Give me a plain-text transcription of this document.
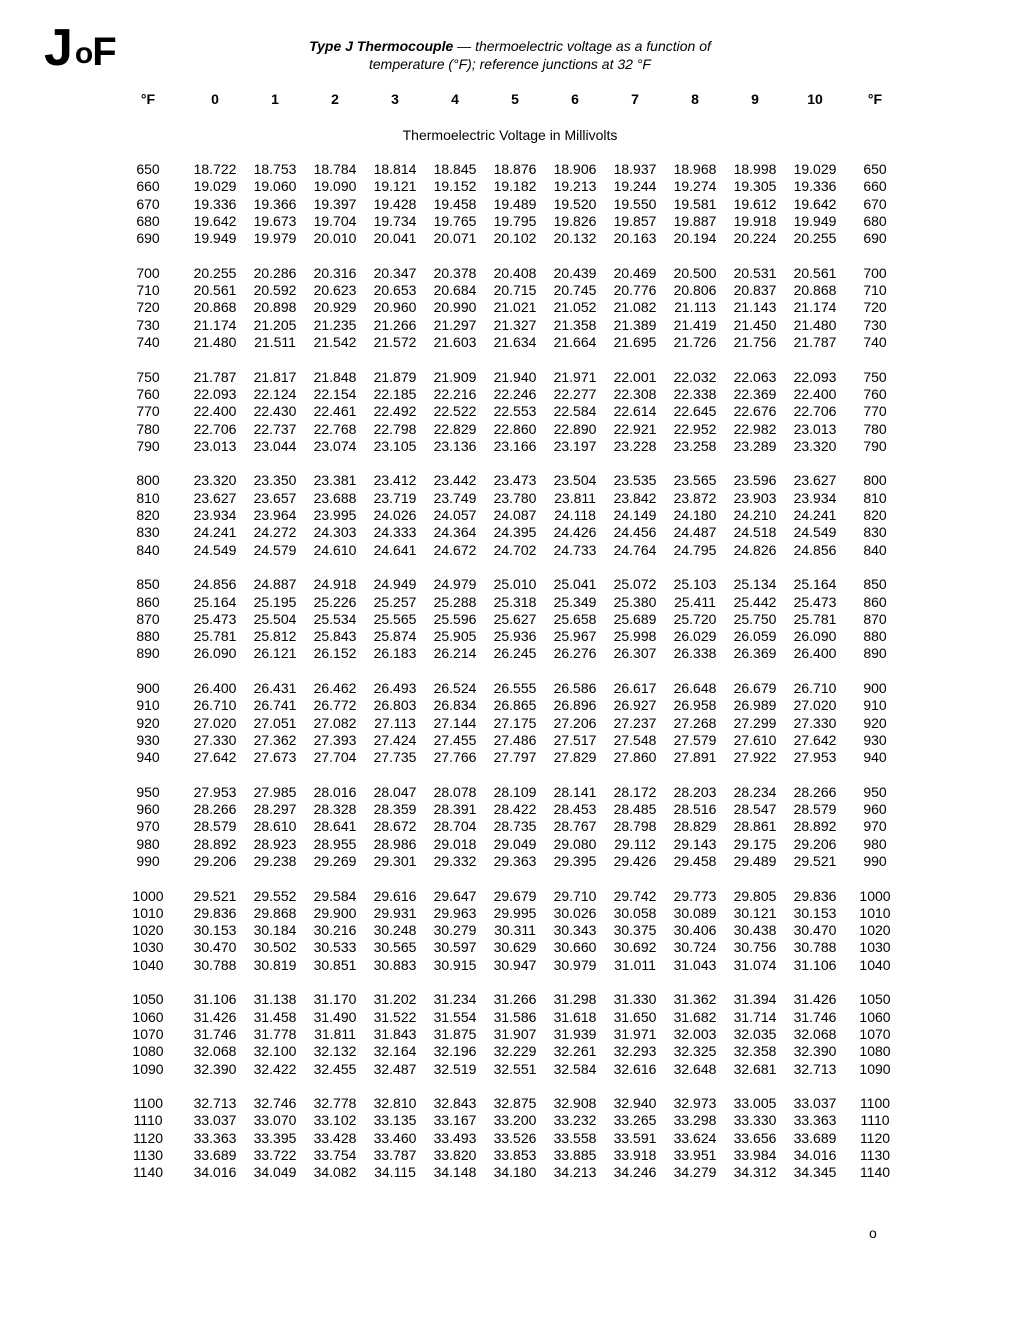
J $^o$F	Type J Thermocouple — thermoelectric voltage as a function of
temperature (°F); reference junctions at 32 °F
°F	0	1	2	3	4	5	6	7	8	9	10	°F
Thermoelectric Voltage in Millivolts
650	18.722	18.753	18.784	18.814	18.845	18.876	18.906	18.937	18.968	18.998	19.029	650
660	19.029	19.060	19.090	19.121	19.152	19.182	19.213	19.244	19.274	19.305	19.336	660
670	19.336	19.366	19.397	19.428	19.458	19.489	19.520	19.550	19.581	19.612	19.642	670
680	19.642	19.673	19.704	19.734	19.765	19.795	19.826	19.857	19.887	19.918	19.949	680
690	19.949	19.979	20.010	20.041	20.071	20.102	20.132	20.163	20.194	20.224	20.255	690
700	20.255	20.286	20.316	20.347	20.378	20.408	20.439	20.469	20.500	20.531	20.561	700
710	20.561	20.592	20.623	20.653	20.684	20.715	20.745	20.776	20.806	20.837	20.868	710
720	20.868	20.898	20.929	20.960	20.990	21.021	21.052	21.082	21.113	21.143	21.174	720
730	21.174	21.205	21.235	21.266	21.297	21.327	21.358	21.389	21.419	21.450	21.480	730
740	21.480	21.511	21.542	21.572	21.603	21.634	21.664	21.695	21.726	21.756	21.787	740
750	21.787	21.817	21.848	21.879	21.909	21.940	21.971	22.001	22.032	22.063	22.093	750
760	22.093	22.124	22.154	22.185	22.216	22.246	22.277	22.308	22.338	22.369	22.400	760
770	22.400	22.430	22.461	22.492	22.522	22.553	22.584	22.614	22.645	22.676	22.706	770
780	22.706	22.737	22.768	22.798	22.829	22.860	22.890	22.921	22.952	22.982	23.013	780
790	23.013	23.044	23.074	23.105	23.136	23.166	23.197	23.228	23.258	23.289	23.320	790
800	23.320	23.350	23.381	23.412	23.442	23.473	23.504	23.535	23.565	23.596	23.627	800
810	23.627	23.657	23.688	23.719	23.749	23.780	23.811	23.842	23.872	23.903	23.934	810
820	23.934	23.964	23.995	24.026	24.057	24.087	24.118	24.149	24.180	24.210	24.241	820
830	24.241	24.272	24.303	24.333	24.364	24.395	24.426	24.456	24.487	24.518	24.549	830
840	24.549	24.579	24.610	24.641	24.672	24.702	24.733	24.764	24.795	24.826	24.856	840
850	24.856	24.887	24.918	24.949	24.979	25.010	25.041	25.072	25.103	25.134	25.164	850
860	25.164	25.195	25.226	25.257	25.288	25.318	25.349	25.380	25.411	25.442	25.473	860
870	25.473	25.504	25.534	25.565	25.596	25.627	25.658	25.689	25.720	25.750	25.781	870
880	25.781	25.812	25.843	25.874	25.905	25.936	25.967	25.998	26.029	26.059	26.090	880
890	26.090	26.121	26.152	26.183	26.214	26.245	26.276	26.307	26.338	26.369	26.400	890
900	26.400	26.431	26.462	26.493	26.524	26.555	26.586	26.617	26.648	26.679	26.710	900
910	26.710	26.741	26.772	26.803	26.834	26.865	26.896	26.927	26.958	26.989	27.020	910
920	27.020	27.051	27.082	27.113	27.144	27.175	27.206	27.237	27.268	27.299	27.330	920
930	27.330	27.362	27.393	27.424	27.455	27.486	27.517	27.548	27.579	27.610	27.642	930
940	27.642	27.673	27.704	27.735	27.766	27.797	27.829	27.860	27.891	27.922	27.953	940
950	27.953	27.985	28.016	28.047	28.078	28.109	28.141	28.172	28.203	28.234	28.266	950
960	28.266	28.297	28.328	28.359	28.391	28.422	28.453	28.485	28.516	28.547	28.579	960
970	28.579	28.610	28.641	28.672	28.704	28.735	28.767	28.798	28.829	28.861	28.892	970
980	28.892	28.923	28.955	28.986	29.018	29.049	29.080	29.112	29.143	29.175	29.206	980
990	29.206	29.238	29.269	29.301	29.332	29.363	29.395	29.426	29.458	29.489	29.521	990
1000	29.521	29.552	29.584	29.616	29.647	29.679	29.710	29.742	29.773	29.805	29.836	1000
1010	29.836	29.868	29.900	29.931	29.963	29.995	30.026	30.058	30.089	30.121	30.153	1010
1020	30.153	30.184	30.216	30.248	30.279	30.311	30.343	30.375	30.406	30.438	30.470	1020
1030	30.470	30.502	30.533	30.565	30.597	30.629	30.660	30.692	30.724	30.756	30.788	1030
1040	30.788	30.819	30.851	30.883	30.915	30.947	30.979	31.011	31.043	31.074	31.106	1040
1050	31.106	31.138	31.170	31.202	31.234	31.266	31.298	31.330	31.362	31.394	31.426	1050
1060	31.426	31.458	31.490	31.522	31.554	31.586	31.618	31.650	31.682	31.714	31.746	1060
1070	31.746	31.778	31.811	31.843	31.875	31.907	31.939	31.971	32.003	32.035	32.068	1070
1080	32.068	32.100	32.132	32.164	32.196	32.229	32.261	32.293	32.325	32.358	32.390	1080
1090	32.390	32.422	32.455	32.487	32.519	32.551	32.584	32.616	32.648	32.681	32.713	1090
1100	32.713	32.746	32.778	32.810	32.843	32.875	32.908	32.940	32.973	33.005	33.037	1100
1110	33.037	33.070	33.102	33.135	33.167	33.200	33.232	33.265	33.298	33.330	33.363	1110
1120	33.363	33.395	33.428	33.460	33.493	33.526	33.558	33.591	33.624	33.656	33.689	1120
1130	33.689	33.722	33.754	33.787	33.820	33.853	33.885	33.918	33.951	33.984	34.016	1130
1140	34.016	34.049	34.082	34.115	34.148	34.180	34.213	34.246	34.279	34.312	34.345	1140
o
